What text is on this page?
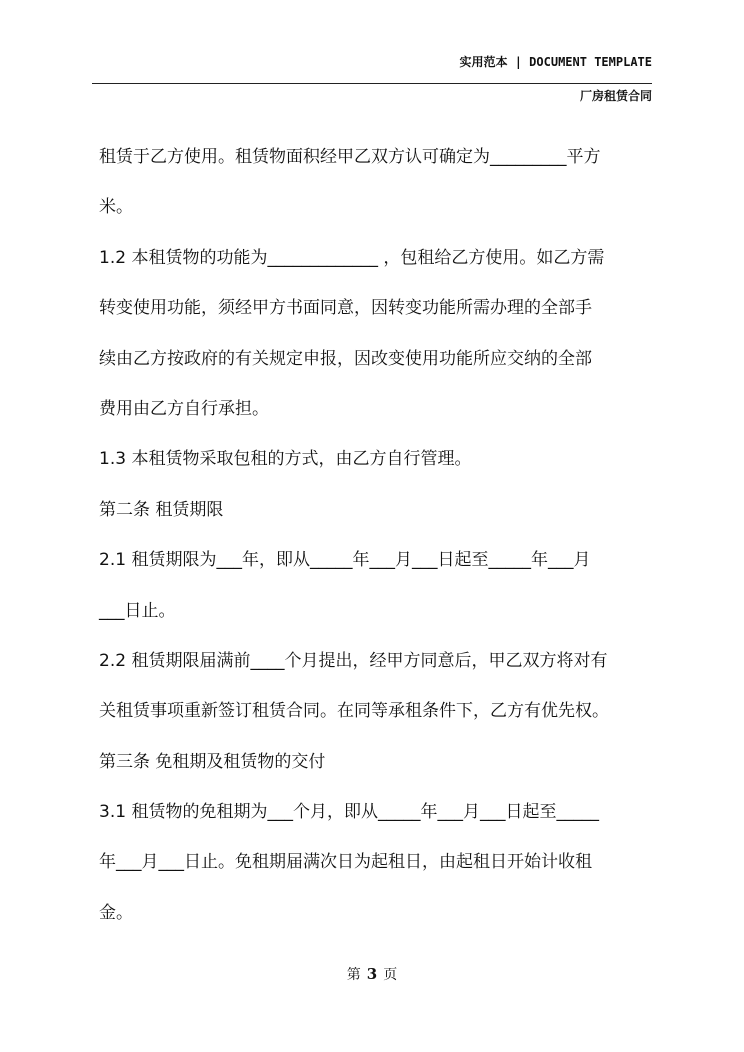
实用范本 | DOCUMENT TEMPLATE
厂房租赁合同
租赁于乙方使用。租赁物面积经甲乙双方认可确定为_________平方
米。
1.2 本租赁物的功能为_____________ ，包租给乙方使用。如乙方需
转变使用功能，须经甲方书面同意，因转变功能所需办理的全部手
续由乙方按政府的有关规定申报，因改变使用功能所应交纳的全部
费用由乙方自行承担。
1.3 本租赁物采取包租的方式，由乙方自行管理。
第二条 租赁期限
2.1 租赁期限为___年，即从_____年___月___日起至_____年___月
___日止。
2.2 租赁期限届满前____个月提出，经甲方同意后，甲乙双方将对有
关租赁事项重新签订租赁合同。在同等承租条件下，乙方有优先权。
第三条 免租期及租赁物的交付
3.1 租赁物的免租期为___个月，即从_____年___月___日起至_____
年___月___日止。免租期届满次日为起租日，由起租日开始计收租
金。
第 3 页
